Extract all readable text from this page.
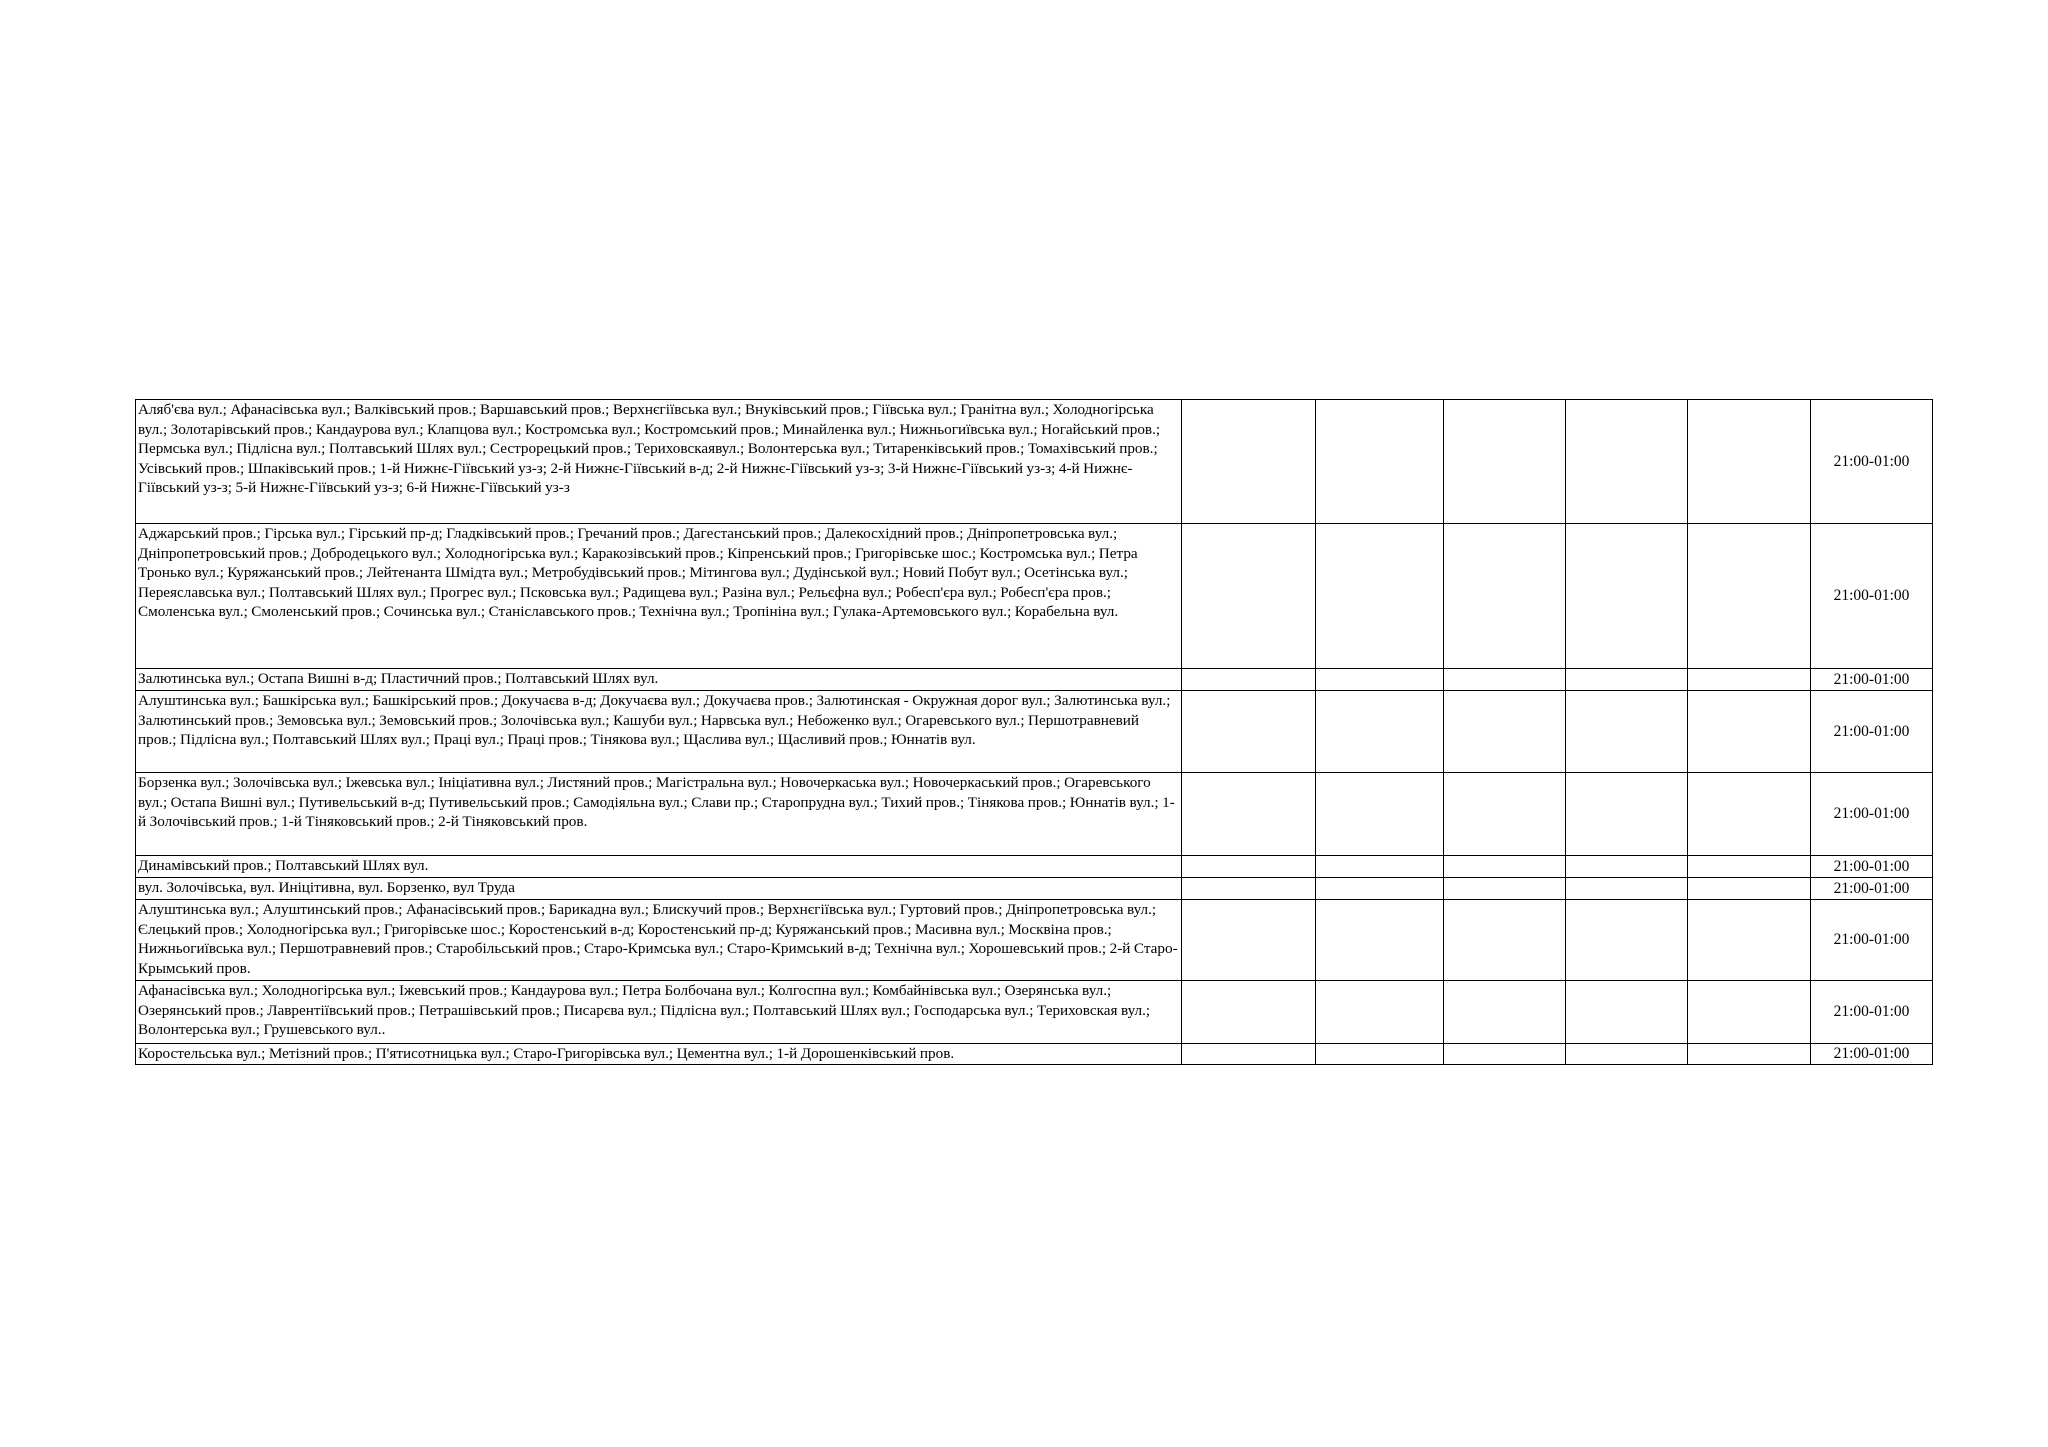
Аляб'єва вул.; Афанасівська вул.; Валківський пров.; Варшавський пров.; Верхнєгіївська вул.; Внуківський пров.; Гіївська вул.; Гранітна вул.; Холодногірська вул.; Золотарівський пров.; Кандаурова вул.; Клапцова вул.; Костромська вул.; Костромський пров.; Минайленка вул.; Нижньогиївська вул.; Ногайський пров.; Пермська вул.; Підлісна вул.; Полтавський Шлях вул.; Сестрорецький пров.; Териховскаявул.; Волонтерська вул.; Титаренківський пров.; Томахівський пров.; Усівський пров.; Шпаківський пров.; 1-й Нижнє-Гіївський уз-з; 2-й Нижнє-Гіївський в-д; 2-й Нижнє-Гіївський уз-з; 3-й Нижнє-Гіївський уз-з; 4-й Нижнє-Гіївський уз-з; 5-й Нижнє-Гіївський уз-з; 6-й Нижнє-Гіївський уз-з						21:00-01:00
Аджарський пров.; Гірська вул.; Гірський пр-д; Гладківський пров.; Гречаний пров.; Дагестанський пров.; Далекосхідний пров.; Дніпропетровська вул.; Дніпропетровський пров.; Добродецького вул.; Холодногірська вул.; Каракозівський пров.; Кіпренський пров.; Григорівське шос.; Костромська вул.; Петра Тронько вул.; Куряжанський пров.; Лейтенанта Шмідта вул.; Метробудівський пров.; Мітингова вул.; Дудінськой вул.; Новий Побут вул.; Осетінська вул.; Переяславська вул.; Полтавський Шлях вул.; Прогрес вул.; Псковська вул.; Радищева вул.; Разіна вул.; Рельєфна вул.; Робесп'єра вул.; Робесп'єра пров.; Смоленська вул.; Смоленський пров.; Сочинська вул.; Станіславського пров.; Технічна вул.; Тропініна вул.; Гулака-Артемовського вул.; Корабельна вул.						21:00-01:00
Залютинська вул.; Остапа Вишні в-д; Пластичний пров.; Полтавський Шлях вул.						21:00-01:00
Алуштинська вул.; Башкірська вул.; Башкірський пров.; Докучаєва в-д; Докучаєва вул.; Докучаєва пров.; Залютинская - Окружная дорог вул.; Залютинська вул.; Залютинський пров.; Земовська вул.; Земовський пров.; Золочівська вул.; Кашуби вул.; Нарвська вул.; Небоженко вул.; Огаревського вул.; Першотравневий пров.; Підлісна вул.; Полтавський Шлях вул.; Праці вул.; Праці пров.; Тінякова вул.; Щаслива вул.; Щасливий пров.; Юннатів вул.						21:00-01:00
Борзенка вул.; Золочівська вул.; Іжевська вул.; Ініціативна вул.; Листяний пров.; Магістральна вул.; Новочеркаська вул.; Новочеркаський пров.; Огаревського вул.; Остапа Вишні вул.; Путивельський в-д; Путивельський пров.; Самодіяльна вул.; Слави пр.; Старопрудна вул.; Тихий пров.; Тінякова пров.; Юннатів вул.; 1-й Золочівський пров.; 1-й Тіняковський пров.; 2-й Тіняковський пров.						21:00-01:00
Динамівський пров.; Полтавський Шлях вул.						21:00-01:00
вул. Золочівська, вул. Иніцітивна, вул. Борзенко, вул Труда						21:00-01:00
Алуштинська вул.; Алуштинський пров.; Афанасівський пров.; Барикадна вул.; Блискучий пров.; Верхнєгіївська вул.; Гуртовий пров.; Дніпропетровська вул.; Єлецький пров.; Холодногірська вул.; Григорівське шос.; Коростенський в-д; Коростенський пр-д; Куряжанський пров.; Масивна вул.; Москвіна пров.; Нижньогиївська вул.; Першотравневий пров.; Старобільський пров.; Старо-Кримська вул.; Старо-Кримський в-д; Технічна вул.; Хорошевський пров.; 2-й Старо-Крымський пров.						21:00-01:00
Афанасівська вул.; Холодногірська вул.; Іжевський пров.; Кандаурова вул.; Петра Болбочана вул.; Колгоспна вул.; Комбайнівська вул.; Озерянська вул.; Озерянський пров.; Лаврентіївський пров.; Петрашівський пров.; Писарєва вул.; Підлісна вул.; Полтавський Шлях вул.; Господарська вул.; Териховская вул.; Волонтерська вул.; Грушевського вул..						21:00-01:00
Коростельська вул.; Метізний пров.; П'ятисотницька вул.; Старо-Григорівська вул.; Цементна вул.; 1-й Дорошенківський пров.						21:00-01:00
